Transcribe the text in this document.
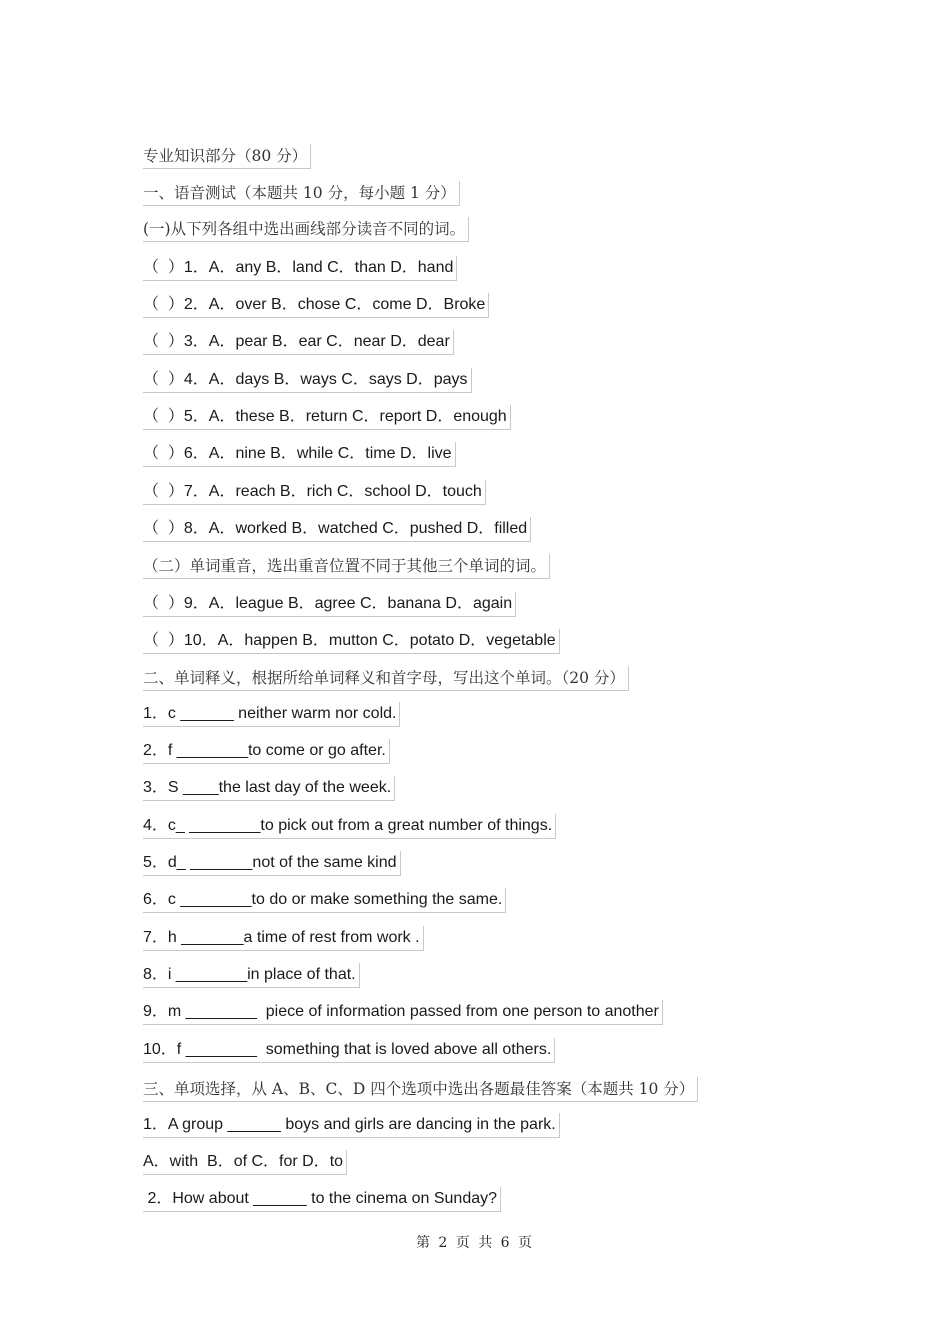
专业知识部分（80 分）
一、语音测试（本题共 10 分，每小题 1 分）
(一)从下列各组中选出画线部分读音不同的词。
（  ）1．A．any B．land C．than D．hand
（  ）2．A．over B．chose C．come D．Broke
（  ）3．A．pear B．ear C．near D．dear
（  ）4．A．days B．ways C．says D．pays
（  ）5．A．these B．return C．report D．enough
（  ）6．A．nine B．while C．time D．live
（  ）7．A．reach B．rich C．school D．touch
（  ）8．A．worked B．watched C．pushed D．filled
（二）单词重音，选出重音位置不同于其他三个单词的词。
（  ）9．A．league B．agree C．banana D．again
（  ）10．A．happen B．mutton C．potato D．vegetable
二、单词释义，根据所给单词释义和首字母，写出这个单词。（20 分）
1．c ______ neither warm nor cold.
2．f ________to come or go after.
3．S ____the last day of the week.
4．c_ ________to pick out from a great number of things.
5．d_ _______not of the same kind
6．c ________to do or make something the same.
7．h _______a time of rest from work .
8．i ________in place of that.
9．m ________  piece of information passed from one person to another
10．f ________  something that is loved above all others.
三、单项选择，从 A、B、C、D 四个选项中选出各题最佳答案（本题共 10 分）
1．A group ______ boys and girls are dancing in the park.
A．with  B．of C．for D．to
2．How about ______ to the cinema on Sunday?
第 2 页 共 6 页
